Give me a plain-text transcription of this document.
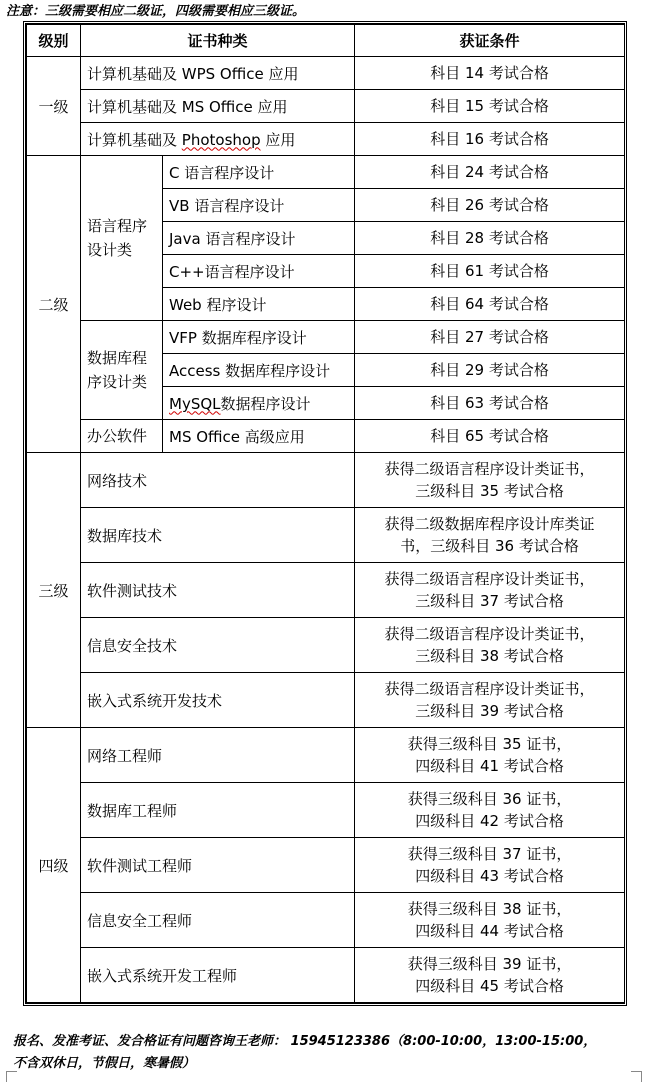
注意：三级需要相应二级证，四级需要相应三级证。
级别	证书种类		获证条件
一级	计算机基础及 WPS Office 应用		科目 14 考试合格
	计算机基础及 MS Office 应用		科目 15 考试合格
	计算机基础及 Photoshop 应用		科目 16 考试合格
二级	语言程序设计类	C 语言程序设计	科目 24 考试合格
		VB 语言程序设计	科目 26 考试合格
		Java 语言程序设计	科目 28 考试合格
		C++语言程序设计	科目 61 考试合格
		Web 程序设计	科目 64 考试合格
	数据库程序设计类	VFP 数据库程序设计	科目 27 考试合格
		Access 数据库程序设计	科目 29 考试合格
		MySQL数据程序设计	科目 63 考试合格
	办公软件	MS Office 高级应用	科目 65 考试合格
三级	网络技术		获得二级语言程序设计类证书，
三级科目 35 考试合格

	数据库技术		获得二级数据库程序设计库类证
书，三级科目 36 考试合格

	软件测试技术		获得二级语言程序设计类证书，
三级科目 37 考试合格

	信息安全技术		获得二级语言程序设计类证书，
三级科目 38 考试合格

	嵌入式系统开发技术		获得二级语言程序设计类证书，
三级科目 39 考试合格

四级	网络工程师		获得三级科目 35 证书，
四级科目 41 考试合格

	数据库工程师		获得三级科目 36 证书，
四级科目 42 考试合格

	软件测试工程师		获得三级科目 37 证书，
四级科目 43 考试合格

	信息安全工程师		获得三级科目 38 证书，
四级科目 44 考试合格

	嵌入式系统开发工程师		获得三级科目 39 证书，
四级科目 45 考试合格
报名、发准考证、发合格证有问题咨询王老师： 15945123386（8:00-10:00，13:00-15:00，
不含双休日，节假日，寒暑假）
